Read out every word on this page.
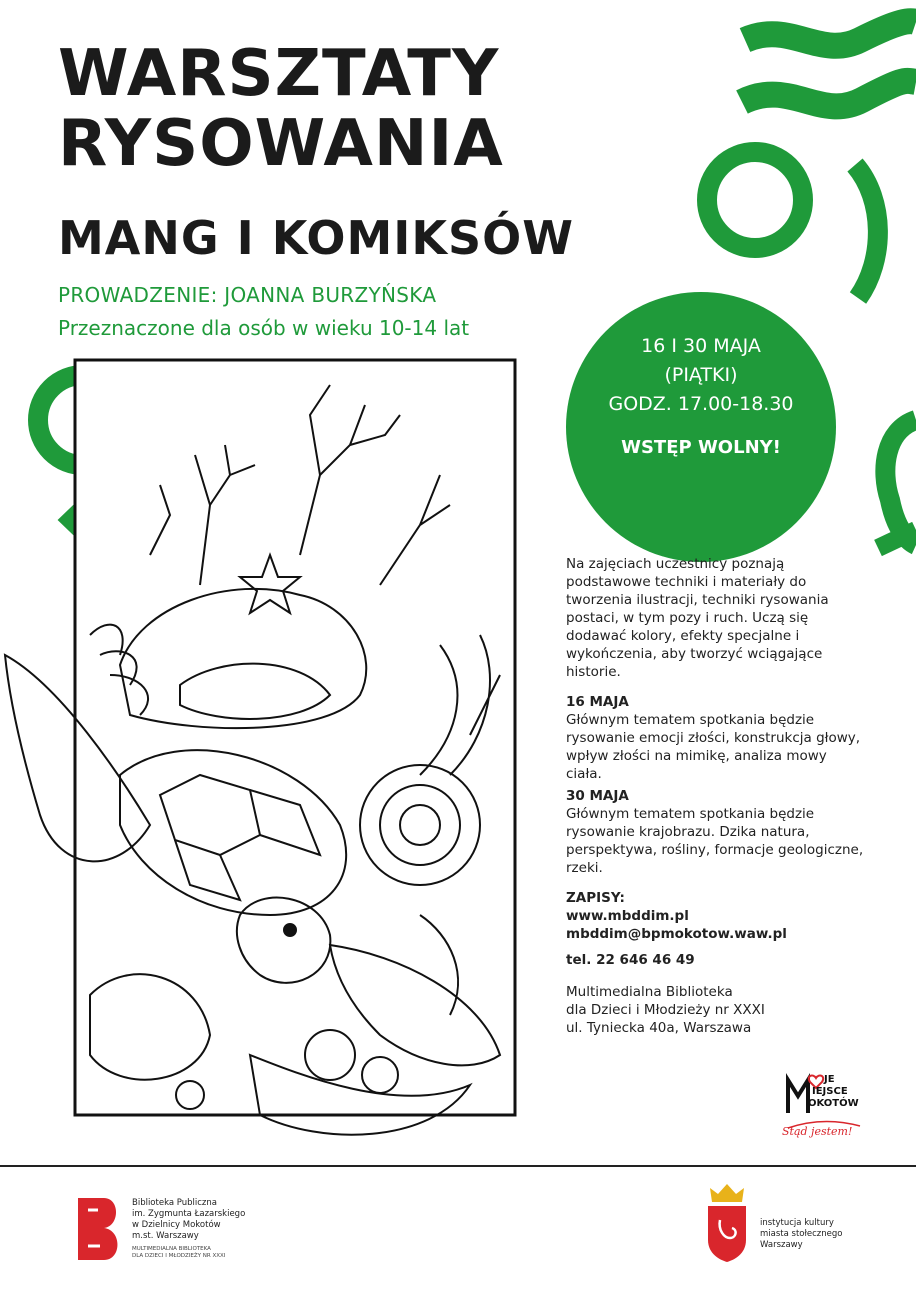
WARSZTATY
RYSOWANIA
MANG I KOMIKSÓW
PROWADZENIE: JOANNA BURZYŃSKA
Przeznaczone dla osób w wieku 10-14 lat
16 I 30 MAJA
(PIĄTKI)
GODZ. 17.00-18.30
WSTĘP WOLNY!

Na zajęciach uczestnicy poznają podstawowe techniki i materiały do tworzenia ilustracji, techniki rysowania postaci, w tym pozy i ruch. Uczą się dodawać kolory, efekty specjalne i wykończenia, aby tworzyć wciągające historie.

16 MAJA

Głównym tematem spotkania będzie rysowanie emocji złości, konstrukcja głowy, wpływ złości na mimikę, analiza mowy ciała.

30 MAJA

Głównym tematem spotkania będzie rysowanie krajobrazu. Dzika natura, perspektywa, rośliny, formacje geologiczne, rzeki.

ZAPISY:
www.mbddim.pl
mbddim@bpmokotow.waw.pl
tel. 22 646 46 49
Multimedialna Biblioteka
dla Dzieci i Młodzieży nr XXXI
ul. Tyniecka 40a, Warszawa
JE
IEJSCE
OKOTÓW
Stąd jestem!
Biblioteka Publiczna
im. Zygmunta Łazarskiego
w Dzielnicy Mokotów
m.st. Warszawy
MULTIMEDIALNA BIBLIOTEKA
DLA DZIECI I MŁODZIEŻY NR XXXI
instytucja kultury
miasta stołecznego
Warszawy
